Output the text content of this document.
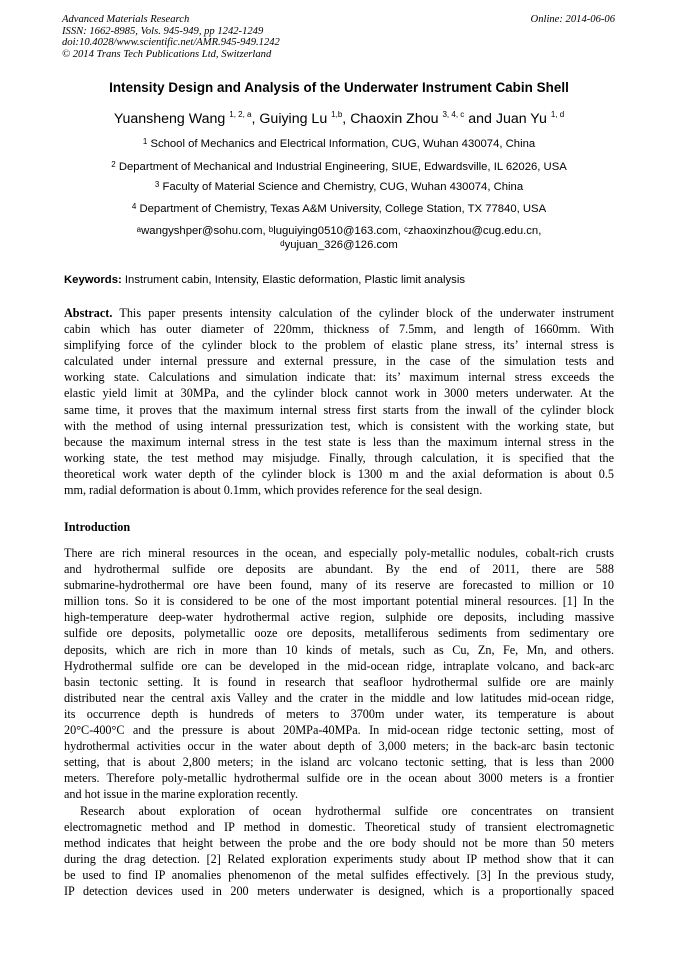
Advanced Materials Research
ISSN: 1662-8985, Vols. 945-949, pp 1242-1249
doi:10.4028/www.scientific.net/AMR.945-949.1242
© 2014 Trans Tech Publications Ltd, Switzerland
Online: 2014-06-06
Intensity Design and Analysis of the Underwater Instrument Cabin Shell
Yuansheng Wang $^{1, 2, a}$, Guiying Lu $^{1,b}$, Chaoxin Zhou $^{3, 4, c}$ and Juan Yu $^{1, d}$
$^1$ School of Mechanics and Electrical Information, CUG, Wuhan 430074, China
$^2$ Department of Mechanical and Industrial Engineering, SIUE, Edwardsville, IL 62026, USA
$^3$ Faculty of Material Science and Chemistry, CUG, Wuhan 430074, China
$^4$ Department of Chemistry, Texas A&M University, College Station, TX 77840, USA
$^a$wangyshper@sohu.com, $^b$luguiying0510@163.com, $^c$zhaoxinzhou@cug.edu.cn,
$^d$yujuan_326@126.com
Keywords: Instrument cabin, Intensity, Elastic deformation, Plastic limit analysis
Abstract. This paper presents intensity calculation of the cylinder block of the underwater instrument
cabin which has outer diameter of 220mm, thickness of 7.5mm, and length of 1660mm. With
simplifying force of the cylinder block to the problem of elastic plane stress, its’ internal stress is
calculated under internal pressure and external pressure, in the case of the simulation tests and
working state. Calculations and simulation indicate that: its’ maximum internal stress exceeds the
elastic yield limit at 30MPa, and the cylinder block cannot work in 3000 meters underwater. At the
same time, it proves that the maximum internal stress first starts from the inwall of the cylinder block
with the method of using internal pressurization test, which is consistent with the working state, but
because the maximum internal stress in the test state is less than the maximum internal stress in the
working state, the test method may misjudge. Finally, through calculation, it is specified that the
theoretical work water depth of the cylinder block is 1300 m and the axial deformation is about 0.5
mm, radial deformation is about 0.1mm, which provides reference for the seal design.
Introduction
There are rich mineral resources in the ocean, and especially poly-metallic nodules, cobalt-rich crusts
and hydrothermal sulfide ore deposits are abundant. By the end of 2011, there are 588
submarine-hydrothermal ore have been found, many of its reserve are forecasted to million or 10
million tons. So it is considered to be one of the most important potential mineral resources. [1] In the
high-temperature deep-water hydrothermal active region, sulphide ore deposits, including massive
sulfide ore deposits, polymetallic ooze ore deposits, metalliferous sediments from sedimentary ore
deposits, which are rich in more than 10 kinds of metals, such as Cu, Zn, Fe, Mn, and others.
Hydrothermal sulfide ore can be developed in the mid-ocean ridge, intraplate volcano, and back-arc
basin tectonic setting. It is found in research that seafloor hydrothermal sulfide ore are mainly
distributed near the central axis Valley and the crater in the middle and low latitudes mid-ocean ridge,
its occurrence depth is hundreds of meters to 3700m under water, its temperature is about
20°C-400°C and the pressure is about 20MPa-40MPa. In mid-ocean ridge tectonic setting, most of
hydrothermal activities occur in the water about depth of 3,000 meters; in the back-arc basin tectonic
setting, that is about 2,800 meters; in the island arc volcano tectonic setting, that is less than 2000
meters. Therefore poly-metallic hydrothermal sulfide ore in the ocean about 3000 meters is a frontier
and hot issue in the marine exploration recently.
Research about exploration of ocean hydrothermal sulfide ore concentrates on transient
electromagnetic method and IP method in domestic. Theoretical study of transient electromagnetic
method indicates that height between the probe and the ore body should not be more than 50 meters
during the drag detection. [2] Related exploration experiments study about IP method show that it can
be used to find IP anomalies phenomenon of the metal sulfides effectively. [3] In the previous study,
IP detection devices used in 200 meters underwater is designed, which is a proportionally spaced
